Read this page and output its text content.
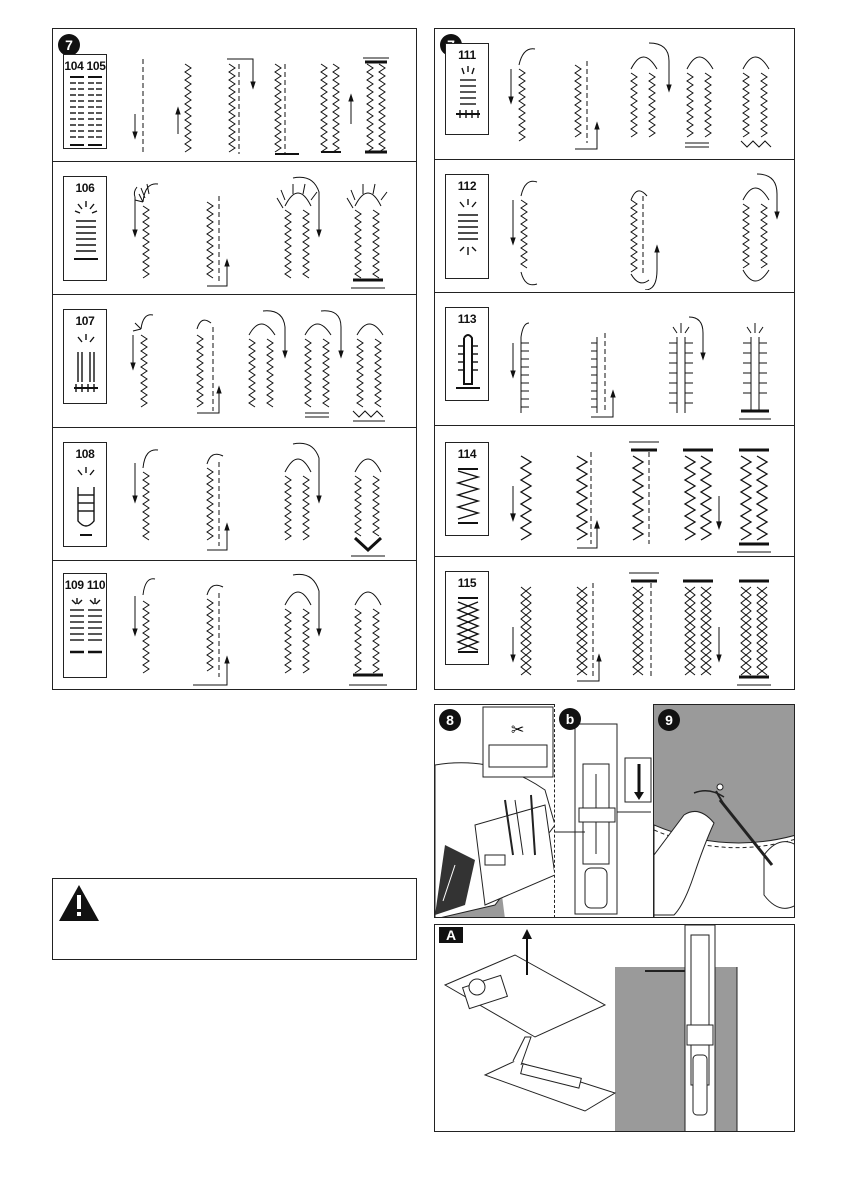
7
104 105
106
107
108
109 110
111
112
113
114
115
✂
8	b	9
A
